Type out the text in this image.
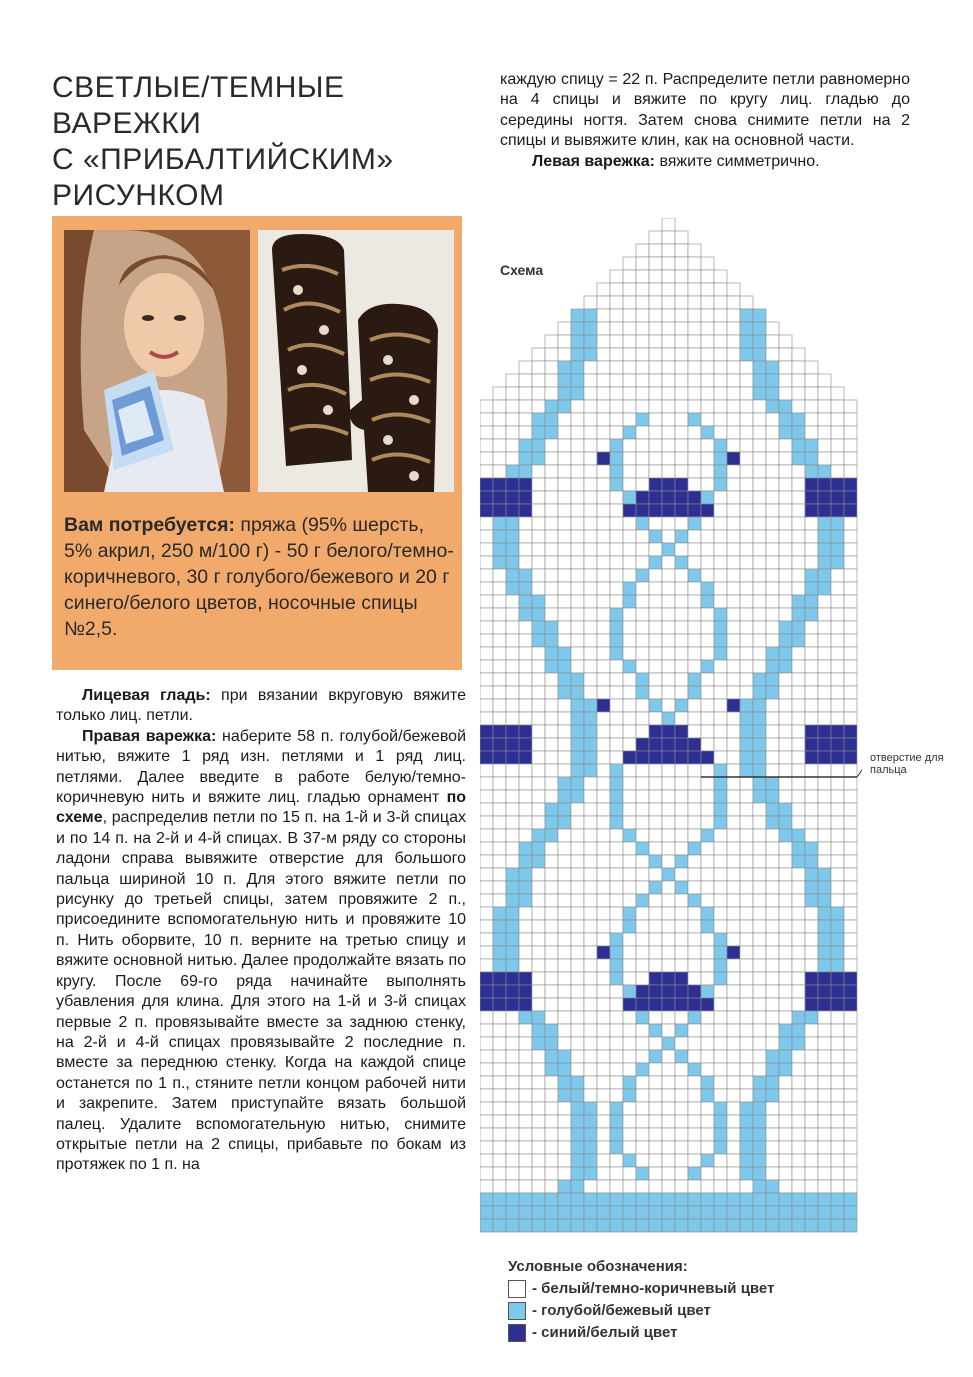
СВЕТЛЫЕ/ТЕМНЫЕ
ВАРЕЖКИ
С «ПРИБАЛТИЙСКИМ»
РИСУНКОМ
Вам потребуется: пряжа (95% шерсть, 5% акрил, 250 м/100 г) - 50 г белого/темно-коричневого, 30 г голубого/бежевого и 20 г синего/белого цветов, носочные спицы №2,5.

Лицевая гладь: при вязании вкруговую вяжите только лиц. петли.

Правая варежка: наберите 58 п. голубой/бежевой нитью, вяжите 1 ряд изн. петлями и 1 ряд лиц. петлями. Далее введите в работе белую/темно-коричневую нить и вяжите лиц. гладью орнамент по схеме, распределив петли по 15 п. на 1-й и 3-й спицах и по 14 п. на 2-й и 4-й спицах. В 37-м ряду со стороны ладони справа вывяжите отверстие для большого пальца шириной 10 п. Для этого вяжите петли по рисунку до третьей спицы, затем провяжите 2 п., присоедините вспомогательную нить и провяжите 10 п. Нить оборвите, 10 п. верните на третью спицу и вяжите основной нитью. Далее продолжайте вязать по кругу. После 69-го ряда начинайте выполнять убавления для клина. Для этого на 1-й и 3-й спицах первые 2 п. провязывайте вместе за заднюю стенку, на 2-й и 4-й спицах провязывайте 2 последние п. вместе за переднюю стенку. Когда на каждой спице останется по 1 п., стяните петли концом рабочей нити и закрепите. Затем приступайте вязать большой палец. Удалите вспомогательную нитью, снимите открытые петли на 2 спицы, прибавьте по бокам из протяжек по 1 п. на

каждую спицу = 22 п. Распределите петли равномерно на 4 спицы и вяжите по кругу лиц. гладью до середины ногтя. Затем снова снимите петли на 2 спицы и вывяжите клин, как на основной части.

Левая варежка: вяжите симметрично.

Схема
отверстие для пальца
Условные обозначения:
- белый/темно-коричневый цвет
- голубой/бежевый цвет
- синий/белый цвет
